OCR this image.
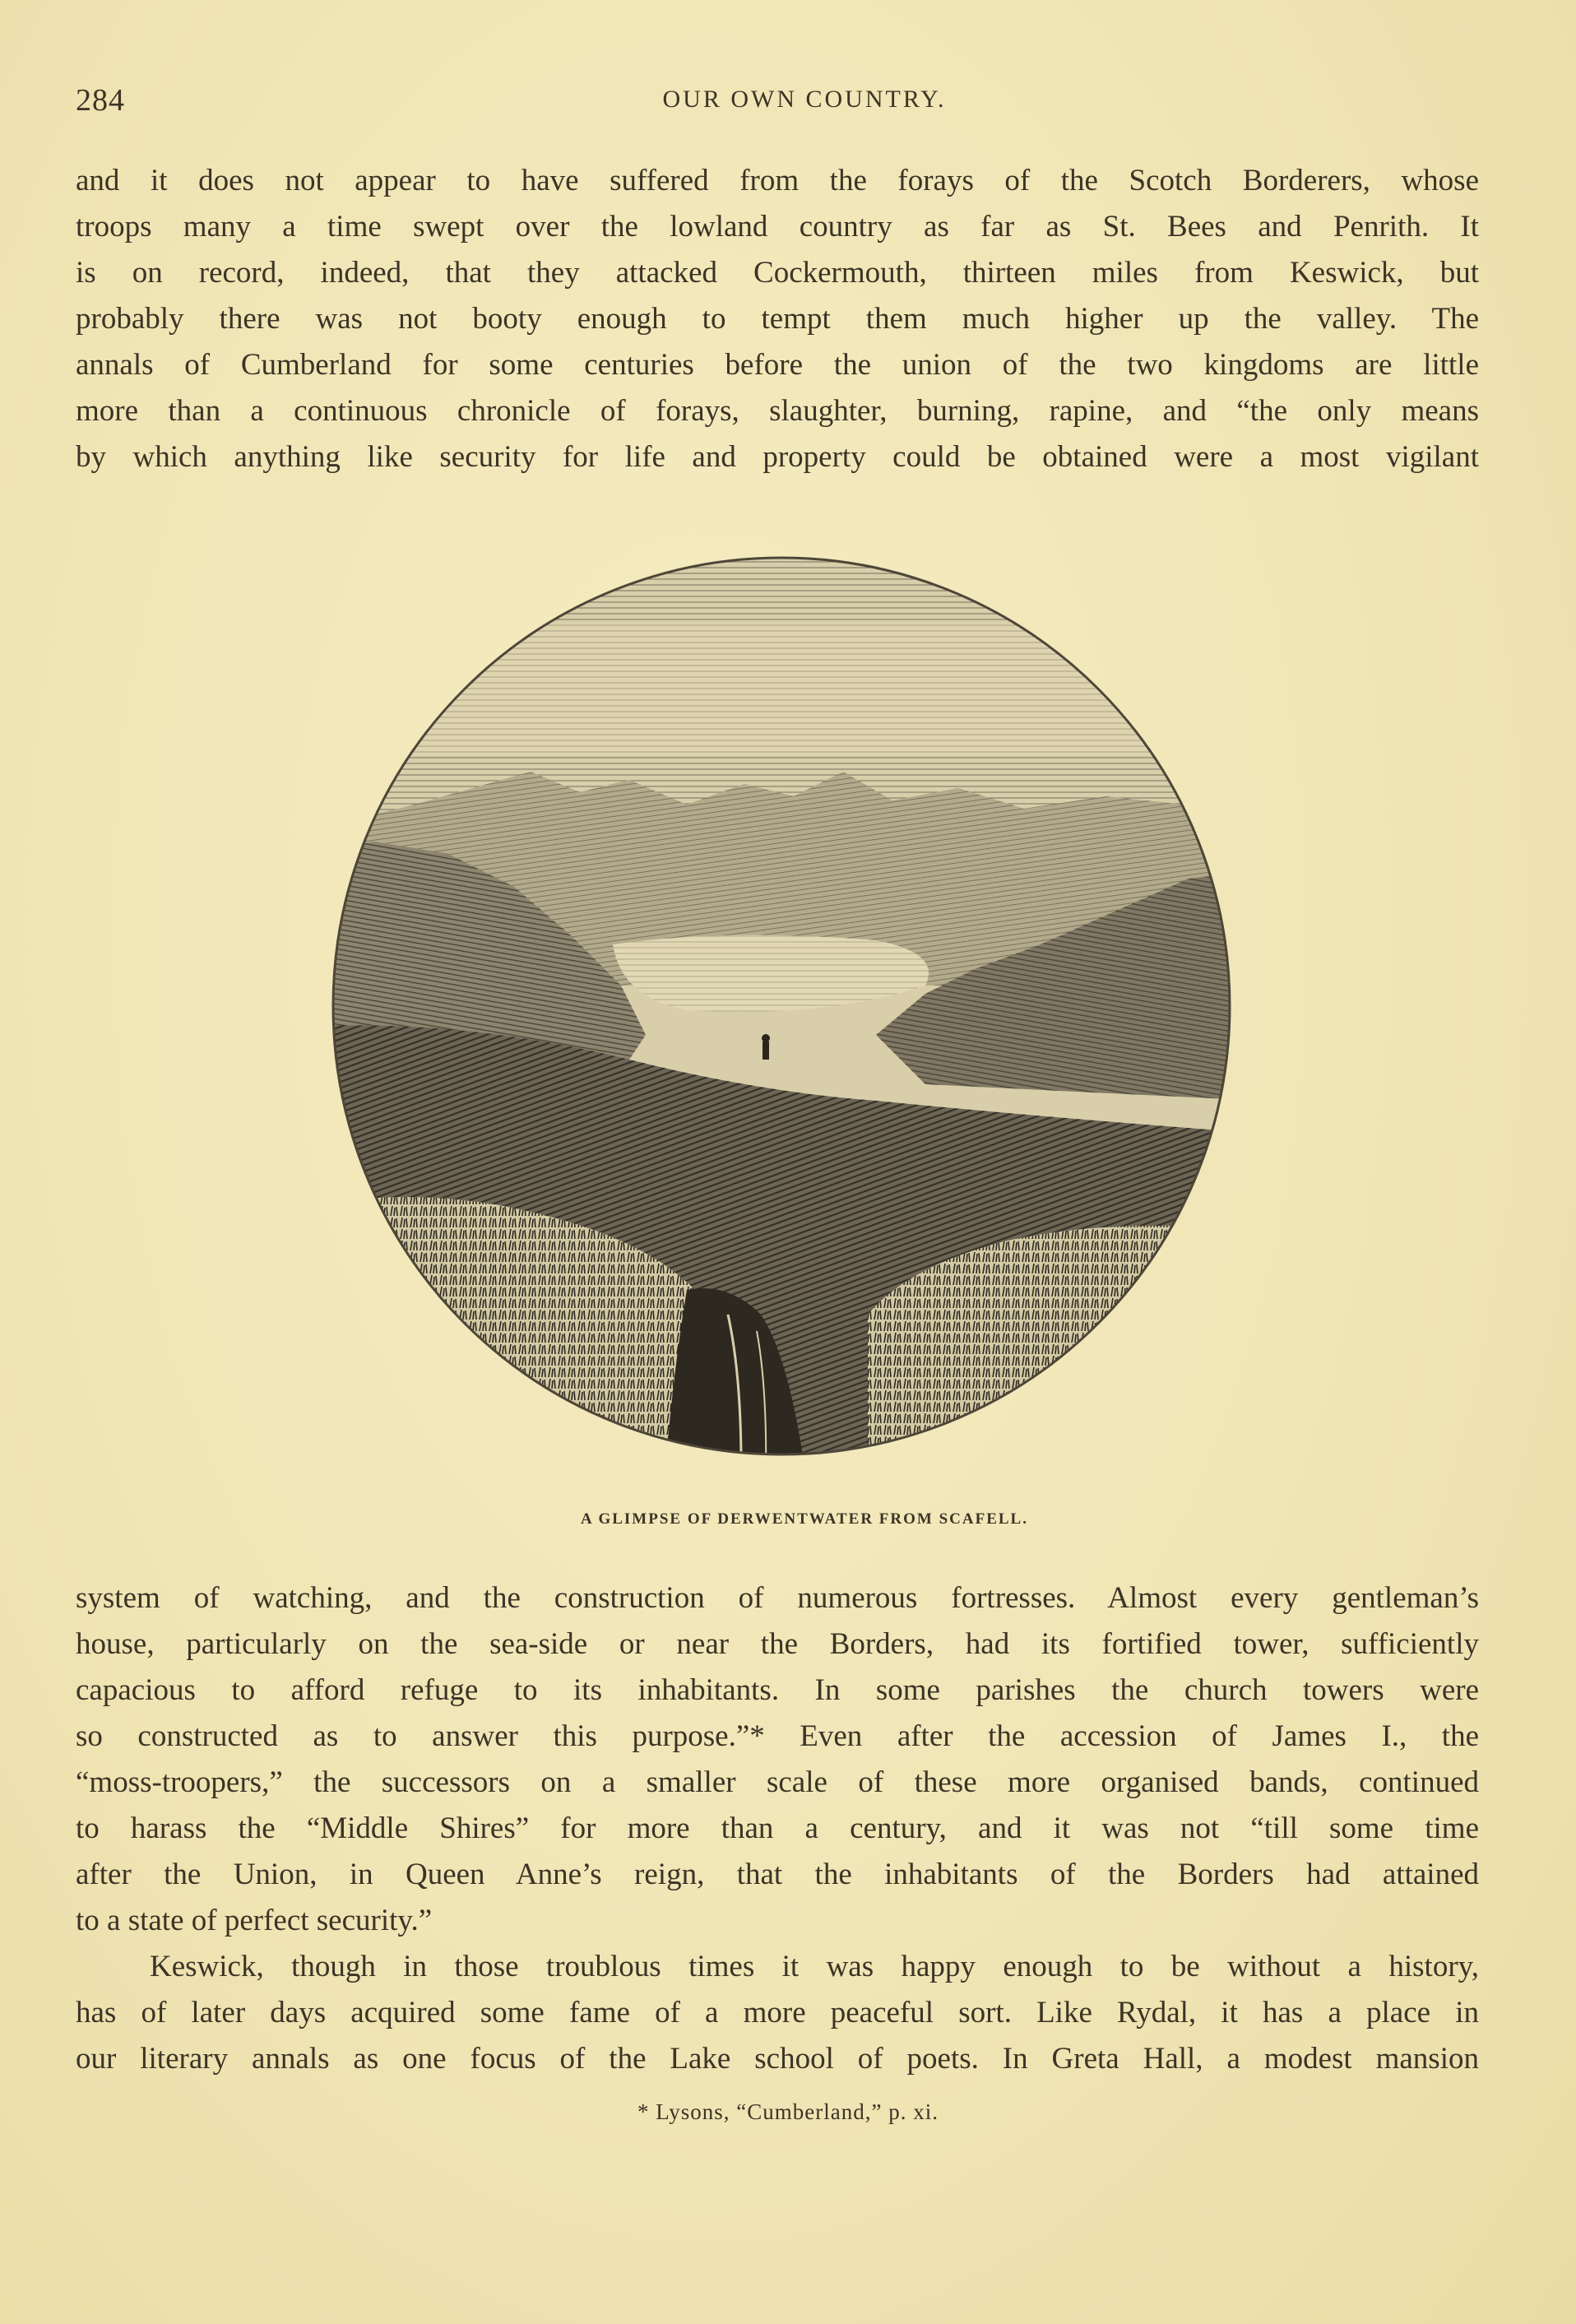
284	OUR OWN COUNTRY.
and it does not appear to have suffered from the forays of the Scotch Borderers, whose
troops many a time swept over the lowland country as far as St. Bees and Penrith. It
is on record, indeed, that they attacked Cockermouth, thirteen miles from Keswick, but
probably there was not booty enough to tempt them much higher up the valley. The
annals of Cumberland for some centuries before the union of the two kingdoms are little
more than a continuous chronicle of forays, slaughter, burning, rapine, and “the only means
by which anything like security for life and property could be obtained were a most vigilant
A GLIMPSE OF DERWENTWATER FROM SCAFELL.
system of watching, and the construction of numerous fortresses. Almost every gentleman’s
house, particularly on the sea-side or near the Borders, had its fortified tower, sufficiently
capacious to afford refuge to its inhabitants. In some parishes the church towers were
so constructed as to answer this purpose.”* Even after the accession of James I., the
“moss-troopers,” the successors on a smaller scale of these more organised bands, continued
to harass the “Middle Shires” for more than a century, and it was not “till some time
after the Union, in Queen Anne’s reign, that the inhabitants of the Borders had attained
to a state of perfect security.”
Keswick, though in those troublous times it was happy enough to be without a history,
has of later days acquired some fame of a more peaceful sort. Like Rydal, it has a place in
our literary annals as one focus of the Lake school of poets. In Greta Hall, a modest mansion
* Lysons, “Cumberland,” p. xi.
